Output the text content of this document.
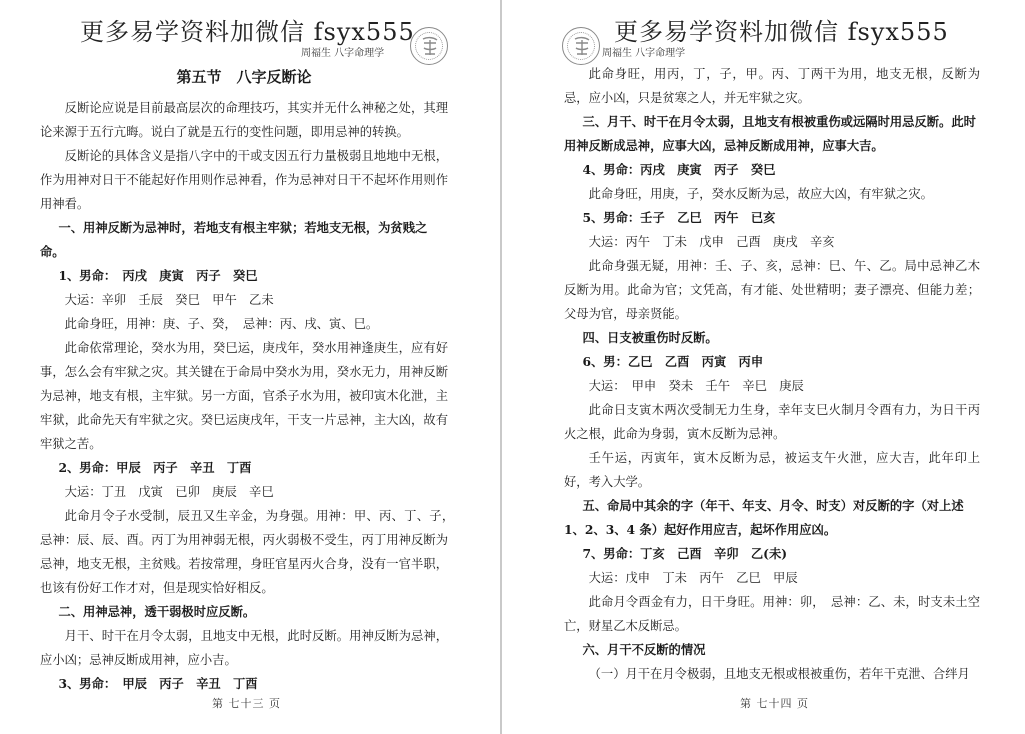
更多易学资料加微信 fsyx555
周福生 八字命理学
第五节　八字反断论
反断论应说是目前最高层次的命理技巧，其实并无什么神秘之处，其理论来源于五行亢晦。说白了就是五行的变性问题，即用忌神的转换。
反断论的具体含义是指八字中的干或支因五行力量极弱且地地中无根，作为用神对日干不能起好作用则作忌神看，作为忌神对日干不起坏作用则作用神看。
一、用神反断为忌神时，若地支有根主牢狱；若地支无根，为贫贱之命。
1、男命：　丙戌　庚寅　丙子　癸巳
大运：辛卯　壬辰　癸巳　甲午　乙未
此命身旺，用神：庚、子、癸，　忌神：丙、戌、寅、巳。
此命依常理论，癸水为用，癸巳运，庚戌年，癸水用神逢庚生，应有好事，怎么会有牢狱之灾。其关键在于命局中癸水为用，癸水无力，用神反断为忌神，地支有根，主牢狱。另一方面，官杀子水为用，被印寅木化泄，主牢狱，此命先天有牢狱之灾。癸巳运庚戌年，干支一片忌神，主大凶，故有牢狱之苦。
2、男命：甲辰　丙子　辛丑　丁酉
大运：丁丑　戊寅　已卯　庚辰　辛巳
此命月令子水受制，辰丑又生辛金，为身强。用神：甲、丙、丁、子，　忌神：辰、辰、酉。丙丁为用神弱无根，丙火弱极不受生，丙丁用神反断为忌神，地支无根，主贫贱。若按常理，身旺官星丙火合身，没有一官半职，也该有份好工作才对，但是现实恰好相反。
二、用神忌神，透干弱极时应反断。
月干、时干在月令太弱，且地支中无根，此时反断。用神反断为忌神，应小凶；忌神反断成用神，应小吉。
3、男命：　甲辰　丙子　辛丑　丁酉
第 七十三 页
更多易学资料加微信 fsyx555
周福生 八字命理学
此命身旺，用丙，丁，子，甲。丙、丁两干为用，地支无根，反断为忌，应小凶，只是贫寒之人，并无牢狱之灾。
三、月干、时干在月令太弱，且地支有根被重伤或远隔时用忌反断。此时用神反断成忌神，应事大凶，忌神反断成用神，应事大吉。
4、男命：丙戌　庚寅　丙子　癸巳
此命身旺，用庚，子，癸水反断为忌，故应大凶，有牢狱之灾。
5、男命：壬子　乙巳　丙午　已亥
大运：丙午　丁未　戊申　己酉　庚戌　辛亥
此命身强无疑，用神：壬、子、亥，忌神：巳、午、乙。局中忌神乙木反断为用。此命为官；文凭高，有才能、处世精明；妻子漂亮、但能力差；父母为官，母亲贤能。
四、日支被重伤时反断。
6、男：乙巳　乙酉　丙寅　丙申
大运：　甲申　癸未　壬午　辛巳　庚辰
此命日支寅木两次受制无力生身，幸年支巳火制月令酉有力，为日干丙火之根，此命为身弱，寅木反断为忌神。
壬午运，丙寅年，寅木反断为忌，被运支午火泄，应大吉，此年印上好，考入大学。
五、命局中其余的字（年干、年支、月令、时支）对反断的字（对上述 1、2、3、4 条）起好作用应吉，起坏作用应凶。
7、男命：丁亥　己酉　辛卯　乙(未)
大运：戊申　丁未　丙午　乙巳　甲辰
此命月令酉金有力，日干身旺。用神：卯，　忌神：乙、未，时支未土空亡，财星乙木反断忌。
六、月干不反断的情况
（一）月干在月令极弱，且地支无根或根被重伤，若年干克泄、合绊月
第 七十四 页
